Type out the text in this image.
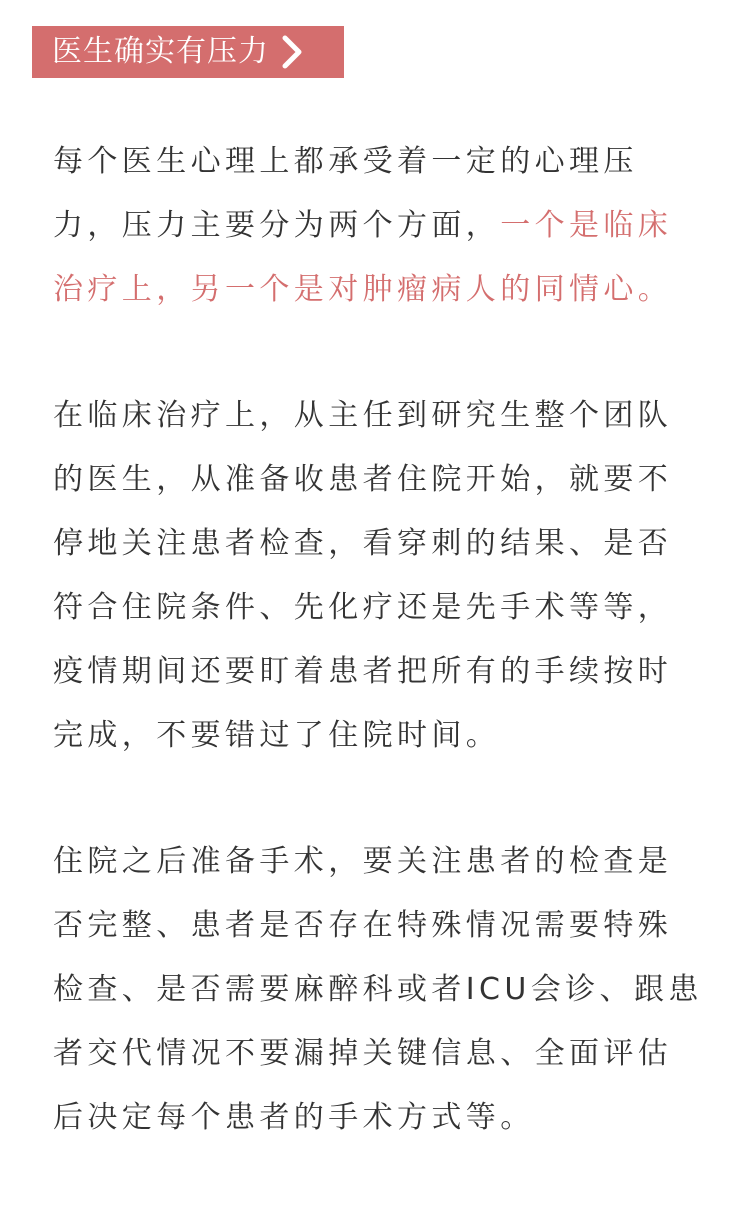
医生确实有压力

每个医生心理上都承受着一定的心理压力，压力主要分为两个方面，一个是临床治疗上，另一个是对肿瘤病人的同情心。

在临床治疗上，从主任到研究生整个团队的医生，从准备收患者住院开始，就要不停地关注患者检查，看穿刺的结果、是否符合住院条件、先化疗还是先手术等等，疫情期间还要盯着患者把所有的手续按时完成，不要错过了住院时间。

住院之后准备手术，要关注患者的检查是否完整、患者是否存在特殊情况需要特殊检查、是否需要麻醉科或者ICU会诊、跟患者交代情况不要漏掉关键信息、全面评估后决定每个患者的手术方式等。
